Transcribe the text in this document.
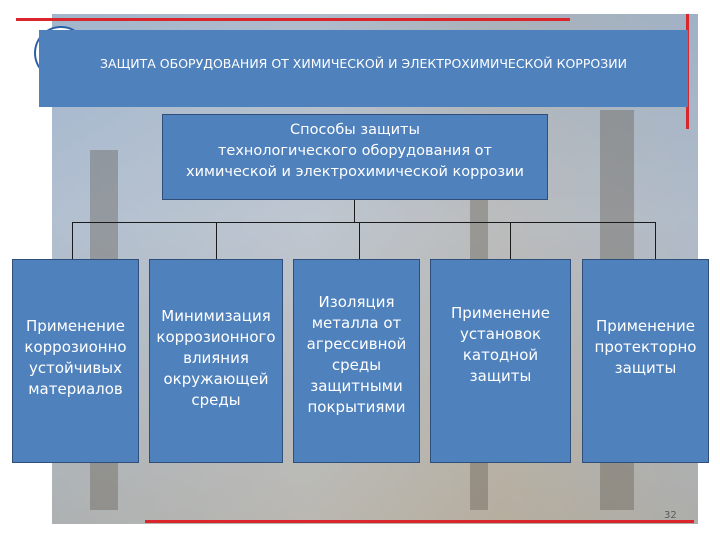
ЗАЩИТА ОБОРУДОВАНИЯ ОТ ХИМИЧЕСКОЙ И ЭЛЕКТРОХИМИЧЕСКОЙ КОРРОЗИИ
Способы защиты
технологического оборудования от
химической и электрохимической коррозии
Применение
коррозионно
устойчивых
материалов
Минимизация
коррозионного
влияния
окружающей
среды
Изоляция
металла от
агрессивной
среды
защитными
покрытиями
Применение
установок
катодной
защиты
Применение
протекторно
защиты
32
